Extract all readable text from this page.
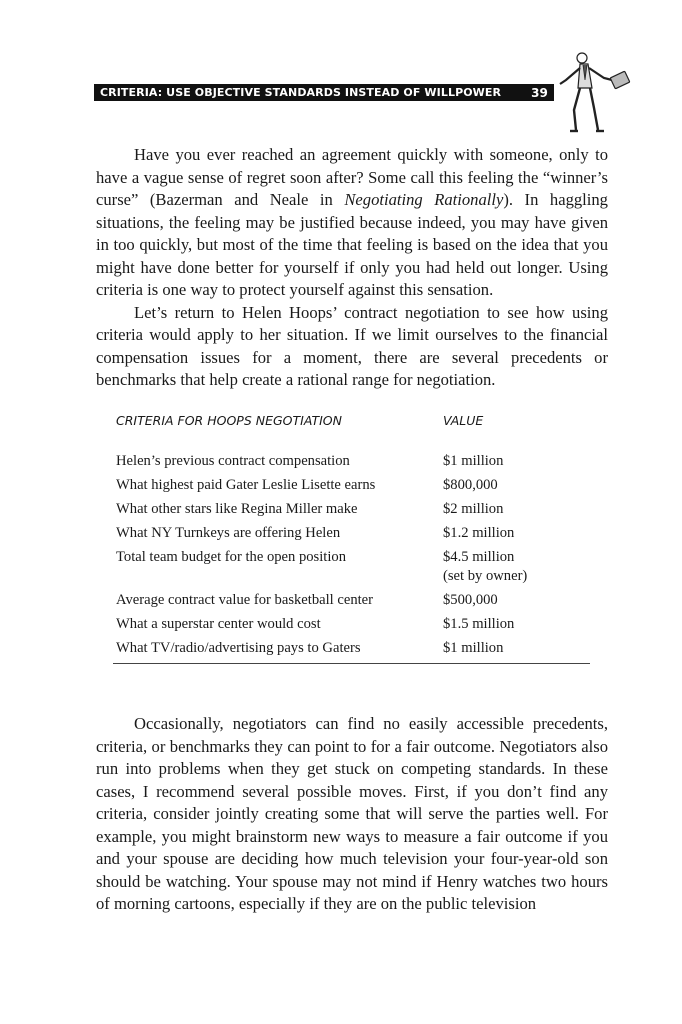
CRITERIA: USE OBJECTIVE STANDARDS INSTEAD OF WILLPOWER 39

Have you ever reached an agreement quickly with someone, only to have a vague sense of regret soon after? Some call this feeling the “winner’s curse” (Bazerman and Neale in Negotiating Rationally). In haggling situations, the feeling may be justified because indeed, you may have given in too quickly, but most of the time that feeling is based on the idea that you might have done better for yourself if only you had held out longer. Using criteria is one way to protect yourself against this sensation.

Let’s return to Helen Hoops’ contract negotiation to see how using criteria would apply to her situation. If we limit ourselves to the financial compensation issues for a moment, there are several precedents or benchmarks that help create a rational range for negotiation.

CRITERIA FOR HOOPS NEGOTIATION	VALUE
Helen’s previous contract compensation	$1 million
What highest paid Gater Leslie Lisette earns	$800,000
What other stars like Regina Miller make	$2 million
What NY Turnkeys are offering Helen	$1.2 million
Total team budget for the open position	$4.5 million
(set by owner)
Average contract value for basketball center	$500,000
What a superstar center would cost	$1.5 million
What TV/radio/advertising pays to Gaters	$1 million

Occasionally, negotiators can find no easily accessible precedents, criteria, or benchmarks they can point to for a fair outcome. Negotiators also run into problems when they get stuck on competing standards. In these cases, I recommend several possible moves. First, if you don’t find any criteria, consider jointly creating some that will serve the parties well. For example, you might brainstorm new ways to measure a fair outcome if you and your spouse are deciding how much television your four-year-old son should be watching. Your spouse may not mind if Henry watches two hours of morning cartoons, especially if they are on the public television
